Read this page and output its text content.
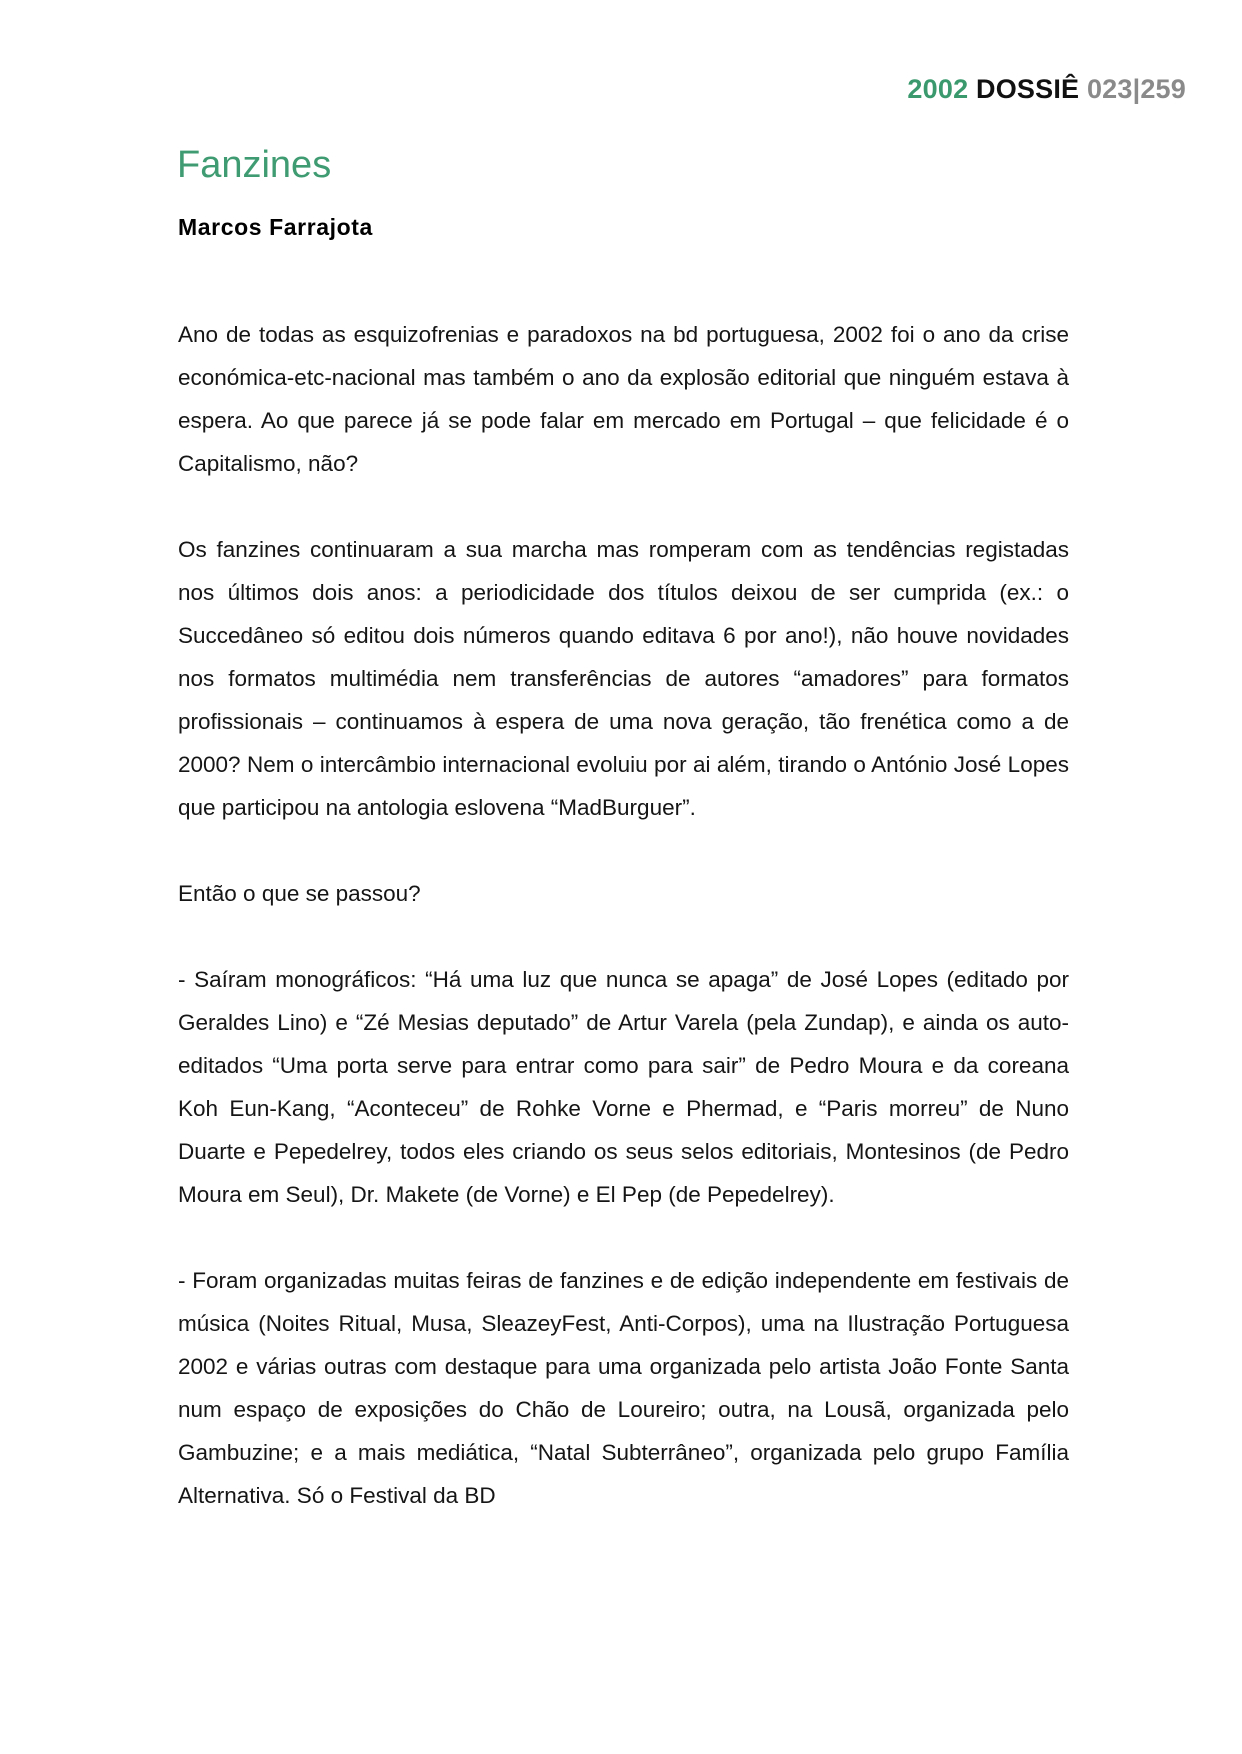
2002 DOSSIÊ 023|259
Fanzines
Marcos Farrajota

Ano de todas as esquizofrenias e paradoxos na bd portuguesa, 2002 foi o ano da crise económica-etc-nacional mas também o ano da explosão editorial que ninguém estava à espera. Ao que parece já se pode falar em mercado em Portugal – que felicidade é o Capitalismo, não?

Os fanzines continuaram a sua marcha mas romperam com as tendências registadas nos últimos dois anos: a periodicidade dos títulos deixou de ser cumprida (ex.: o Succedâneo só editou dois números quando editava 6 por ano!), não houve novidades nos formatos multimédia nem transferências de autores “amadores” para formatos profissionais – continuamos à espera de uma nova geração, tão frenética como a de 2000? Nem o intercâmbio internacional evoluiu por ai além, tirando o António José Lopes que participou na antologia eslovena “MadBurguer”.

Então o que se passou?

- Saíram monográficos: “Há uma luz que nunca se apaga” de José Lopes (editado por Geraldes Lino) e “Zé Mesias deputado” de Artur Varela (pela Zundap), e ainda os auto-editados “Uma porta serve para entrar como para sair” de Pedro Moura e da coreana Koh Eun-Kang, “Aconteceu” de Rohke Vorne e Phermad, e “Paris morreu” de Nuno Duarte e Pepedelrey, todos eles criando os seus selos editoriais, Montesinos (de Pedro Moura em Seul), Dr. Makete (de Vorne) e El Pep (de Pepedelrey).

- Foram organizadas muitas feiras de fanzines e de edição independente em festivais de música (Noites Ritual, Musa, SleazeyFest, Anti-Corpos), uma na Ilustração Portuguesa 2002 e várias outras com destaque para uma organizada pelo artista João Fonte Santa num espaço de exposições do Chão de Loureiro; outra, na Lousã, organizada pelo Gambuzine; e a mais mediática, “Natal Subterrâneo”, organizada pelo grupo Família Alternativa. Só o Festival da BD
